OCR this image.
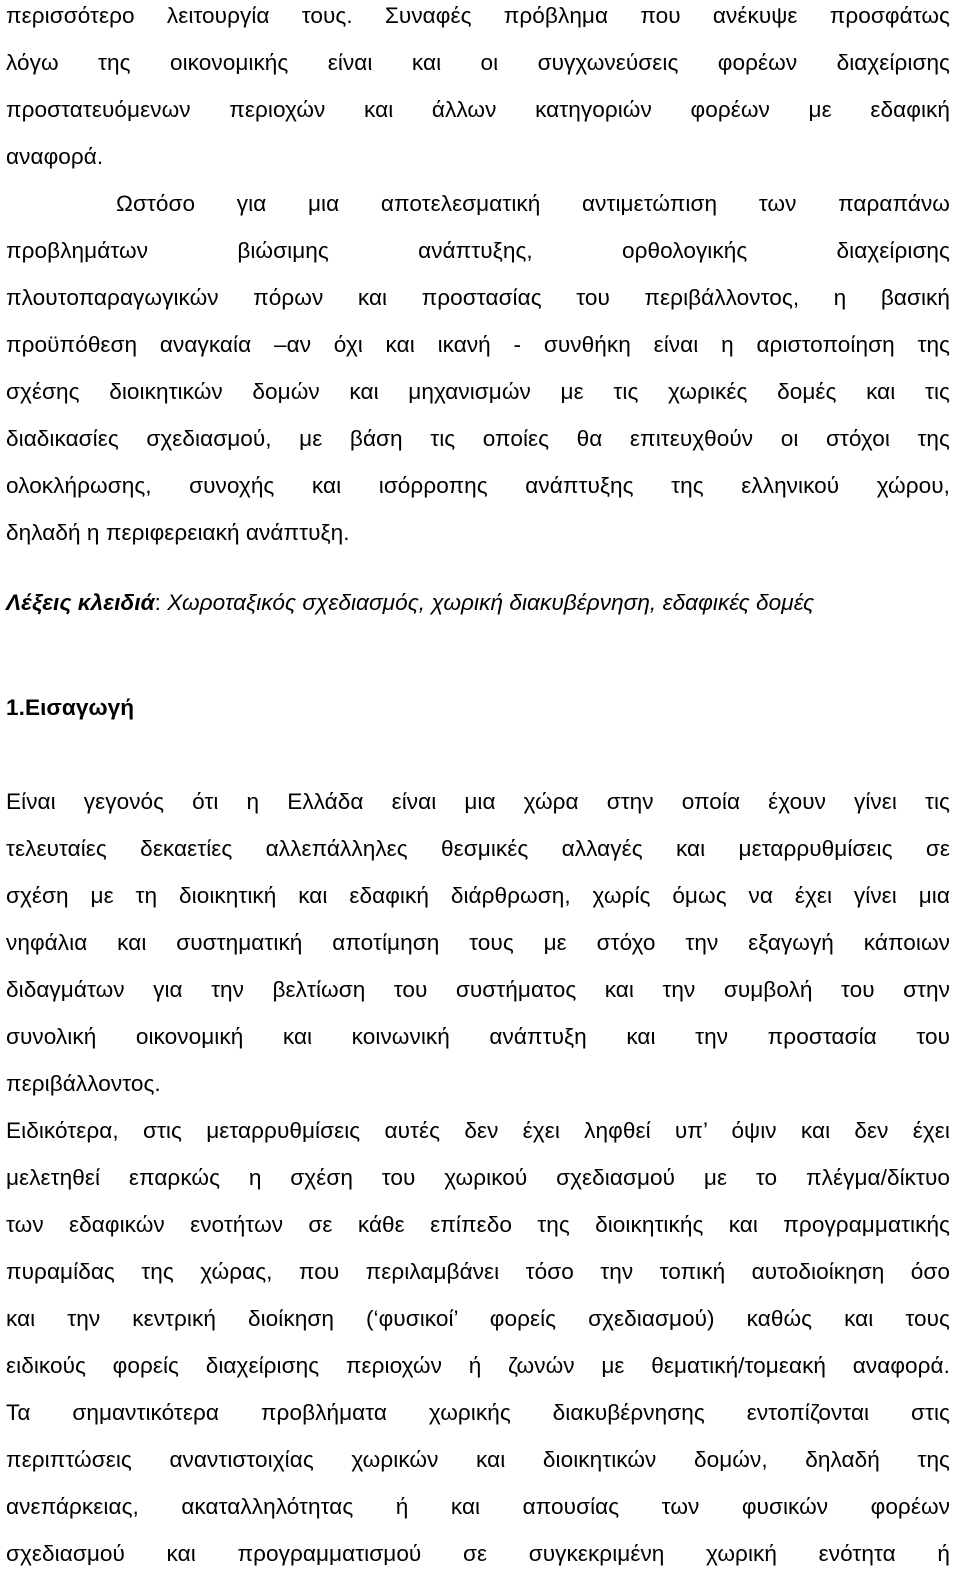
περισσότερο λειτουργία τους. Συναφές πρόβλημα που ανέκυψε προσφάτως
λόγω της οικονομικής είναι και οι συγχωνεύσεις φορέων διαχείρισης
προστατευόμενων περιοχών και άλλων κατηγοριών φορέων με εδαφική
αναφορά.
Ωστόσο για μια αποτελεσματική αντιμετώπιση των παραπάνω
προβλημάτων βιώσιμης ανάπτυξης, ορθολογικής διαχείρισης
πλουτοπαραγωγικών πόρων και προστασίας του περιβάλλοντος, η βασική
προϋπόθεση αναγκαία –αν όχι και ικανή - συνθήκη είναι η αριστοποίηση της
σχέσης διοικητικών δομών και μηχανισμών με τις χωρικές δομές και τις
διαδικασίες σχεδιασμού, με βάση τις οποίες θα επιτευχθούν οι στόχοι της
ολοκλήρωσης, συνοχής και ισόρροπης ανάπτυξης της ελληνικού χώρου,
δηλαδή η περιφερειακή ανάπτυξη.
Λέξεις κλειδιά: Χωροταξικός σχεδιασμός, χωρική διακυβέρνηση, εδαφικές δομές
1.Εισαγωγή
Είναι γεγονός ότι η Ελλάδα είναι μια χώρα στην οποία έχουν γίνει τις
τελευταίες δεκαετίες αλλεπάλληλες θεσμικές αλλαγές και μεταρρυθμίσεις σε
σχέση με τη διοικητική και εδαφική διάρθρωση, χωρίς όμως να έχει γίνει μια
νηφάλια και συστηματική αποτίμηση τους με στόχο την εξαγωγή κάποιων
διδαγμάτων για την βελτίωση του συστήματος και την συμβολή του στην
συνολική οικονομική και κοινωνική ανάπτυξη και την προστασία του
περιβάλλοντος.
Ειδικότερα, στις μεταρρυθμίσεις αυτές δεν έχει ληφθεί υπ’ όψιν και δεν έχει
μελετηθεί επαρκώς η σχέση του χωρικού σχεδιασμού με το πλέγμα/δίκτυο
των εδαφικών ενοτήτων σε κάθε επίπεδο της διοικητικής και προγραμματικής
πυραμίδας της χώρας, που περιλαμβάνει τόσο την τοπική αυτοδιοίκηση όσο
και την κεντρική διοίκηση (‘φυσικοί’ φορείς σχεδιασμού) καθώς και τους
ειδικούς φορείς διαχείρισης περιοχών ή ζωνών με θεματική/τομεακή αναφορά.
Τα σημαντικότερα προβλήματα χωρικής διακυβέρνησης εντοπίζονται στις
περιπτώσεις αναντιστοιχίας χωρικών και διοικητικών δομών, δηλαδή της
ανεπάρκειας, ακαταλληλότητας ή και απουσίας των φυσικών φορέων
σχεδιασμού και προγραμματισμού σε συγκεκριμένη χωρική ενότητα ή
